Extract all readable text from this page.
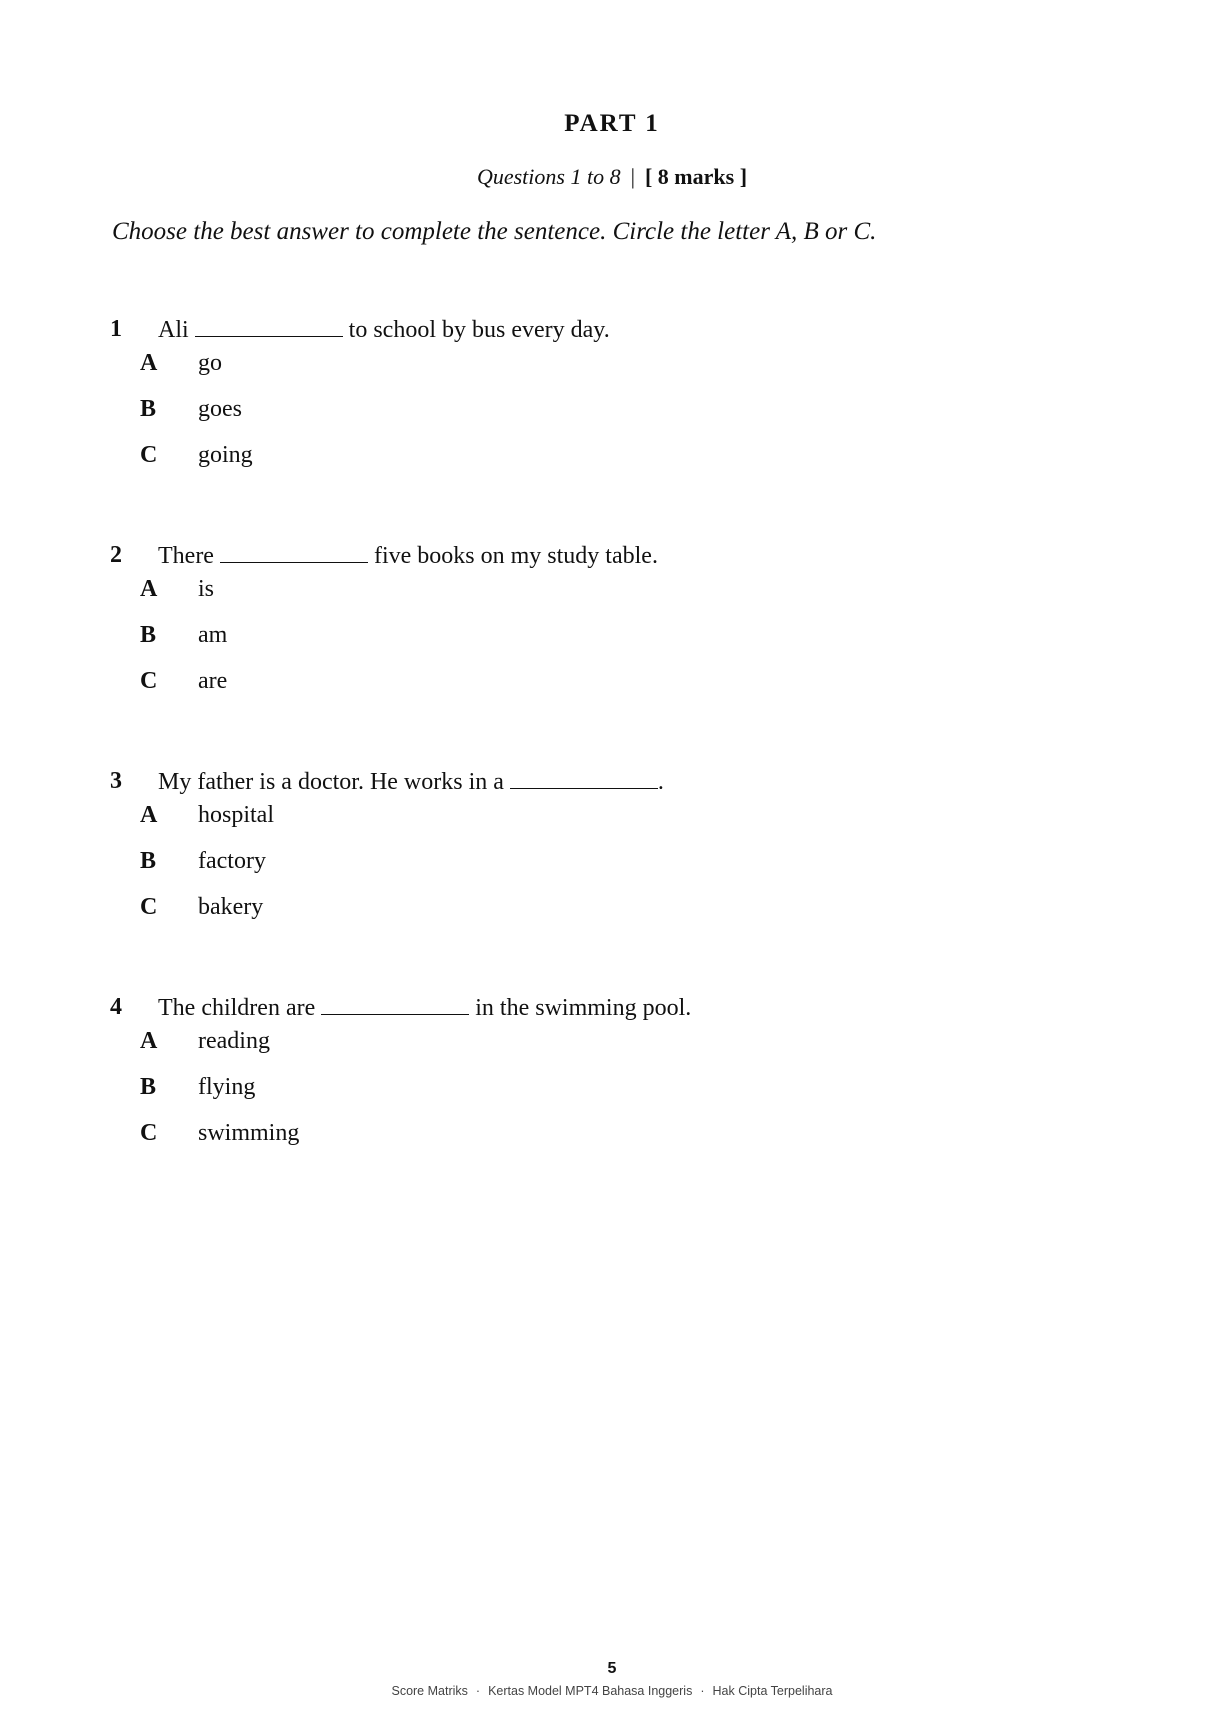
PART 1
Questions 1 to 8 | [ 8 marks ]
Choose the best answer to complete the sentence. Circle the letter A, B or C.
1 Ali	to school by bus every day.
A go
B goes
C going
2 There	five books on my study table.
A is
B am
C are
3 My father is a doctor. He works in a	.
A hospital
B factory
C bakery
4 The children are	in the swimming pool.
A reading
B flying
C swimming
5
Score Matriks · Kertas Model MPT4 Bahasa Inggeris · Hak Cipta Terpelihara
